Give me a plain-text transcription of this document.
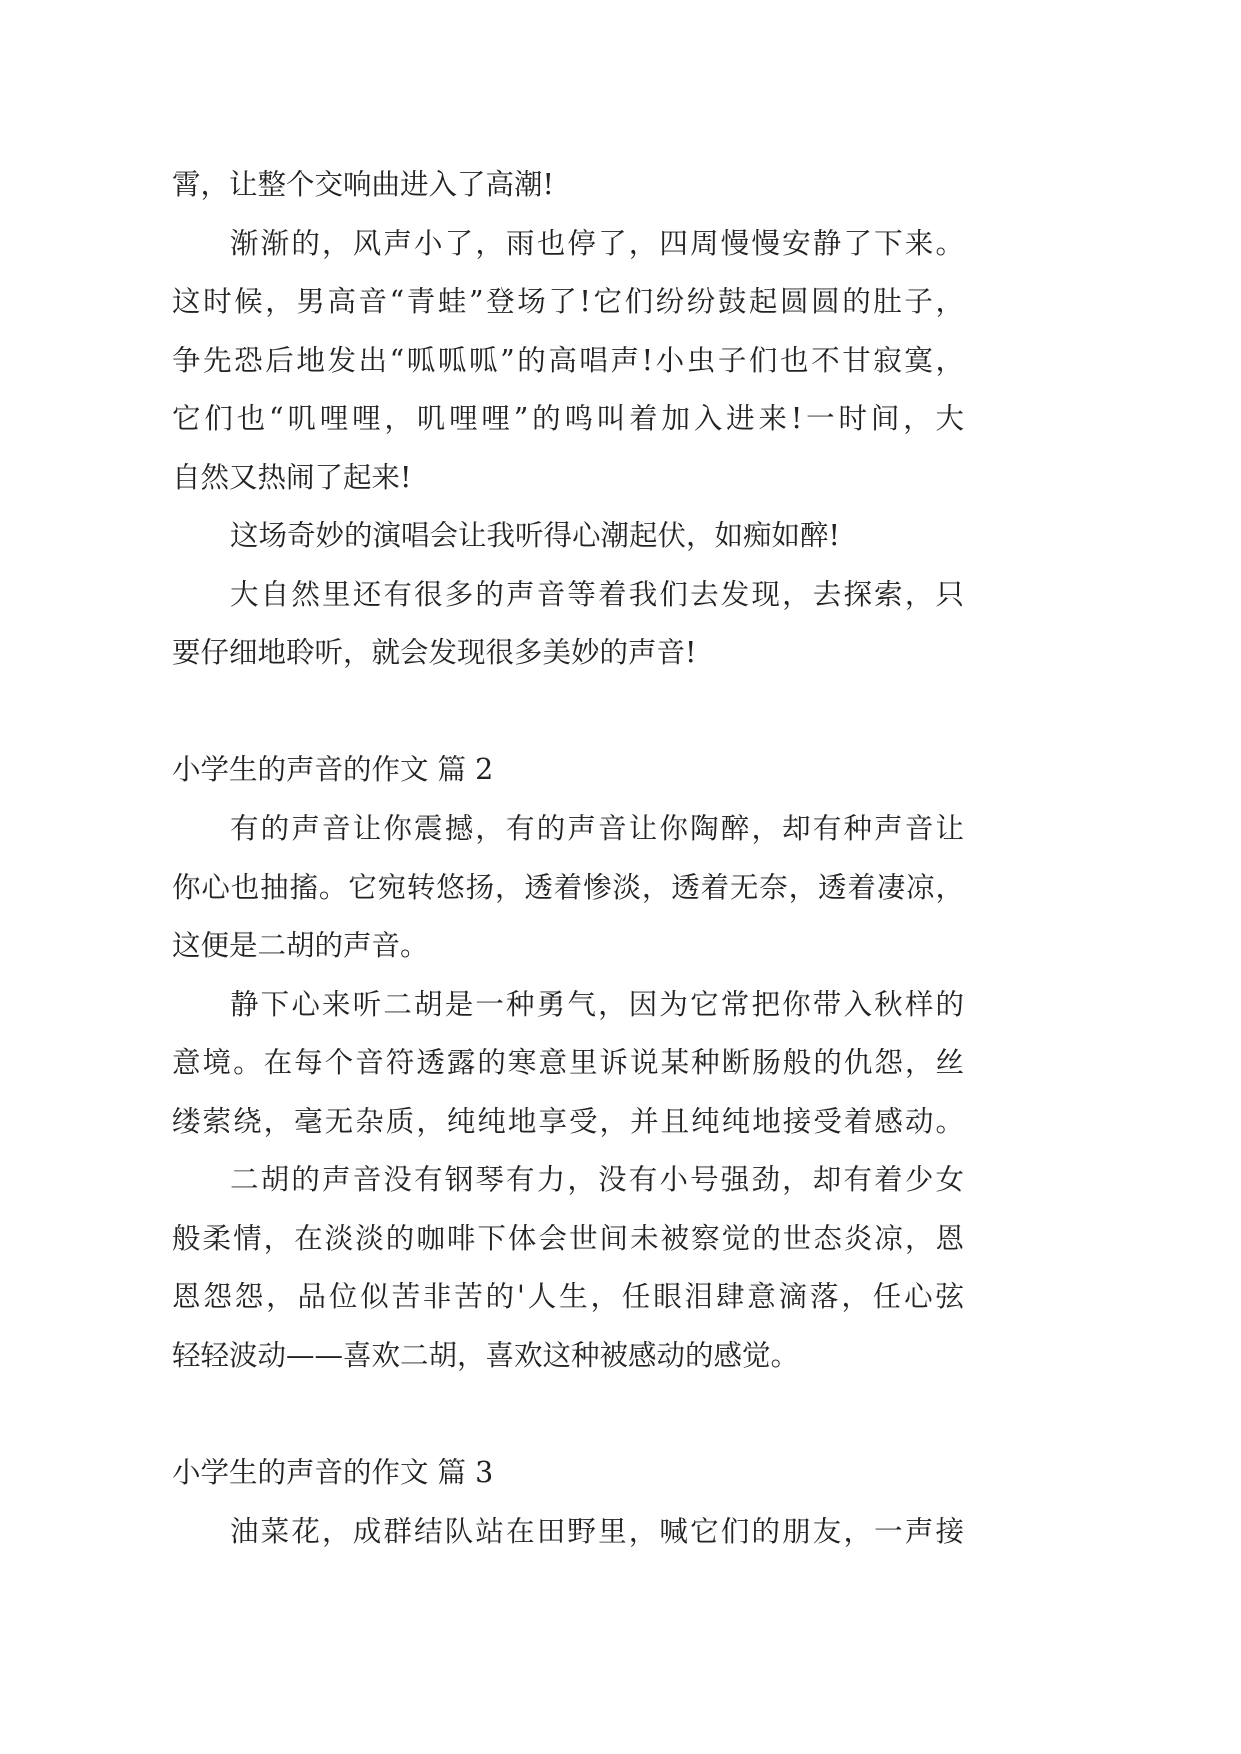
霄，让整个交响曲进入了高潮!
渐渐的，风声小了，雨也停了，四周慢慢安静了下来。
这时候，男高音“青蛙”登场了!它们纷纷鼓起圆圆的肚子，
争先恐后地发出“呱呱呱”的高唱声!小虫子们也不甘寂寞，
它们也“叽哩哩，叽哩哩”的鸣叫着加入进来!一时间，大
自然又热闹了起来!
这场奇妙的演唱会让我听得心潮起伏，如痴如醉!
大自然里还有很多的声音等着我们去发现，去探索，只
要仔细地聆听，就会发现很多美妙的声音!
小学生的声音的作文 篇 2
有的声音让你震撼，有的声音让你陶醉，却有种声音让
你心也抽搐。它宛转悠扬，透着惨淡，透着无奈，透着凄凉，
这便是二胡的声音。
静下心来听二胡是一种勇气，因为它常把你带入秋样的
意境。在每个音符透露的寒意里诉说某种断肠般的仇怨，丝
缕萦绕，毫无杂质，纯纯地享受，并且纯纯地接受着感动。
二胡的声音没有钢琴有力，没有小号强劲，却有着少女
般柔情，在淡淡的咖啡下体会世间未被察觉的世态炎凉，恩
恩怨怨，品位似苦非苦的'人生，任眼泪肆意滴落，任心弦
轻轻波动——喜欢二胡，喜欢这种被感动的感觉。
小学生的声音的作文 篇 3
油菜花，成群结队站在田野里，喊它们的朋友，一声接
